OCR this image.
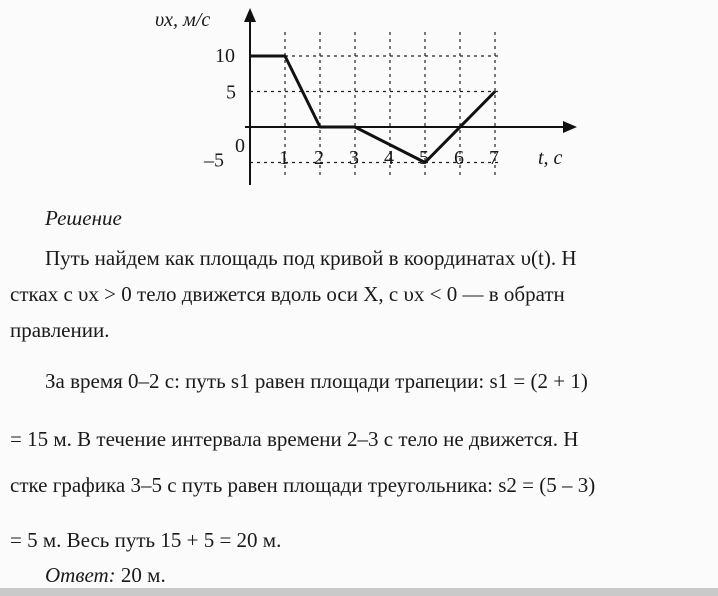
1 2 3 4 5 6 7
10
5
0
–5
υx, м/с
t, с
Решение
Путь найдем как площадь под кривой в координатах υ(t). Н
стках с υx > 0 тело движется вдоль оси X, с υx < 0 — в обратн
правлении.
За время 0–2 с: путь s1 равен площади трапеции: s1 = (2 + 1)
= 15 м. В течение интервала времени 2–3 с тело не движется. Н
стке графика 3–5 с путь равен площади треугольника: s2 = (5 – 3)
= 5 м. Весь путь 15 + 5 = 20 м.
Ответ: 20 м.
